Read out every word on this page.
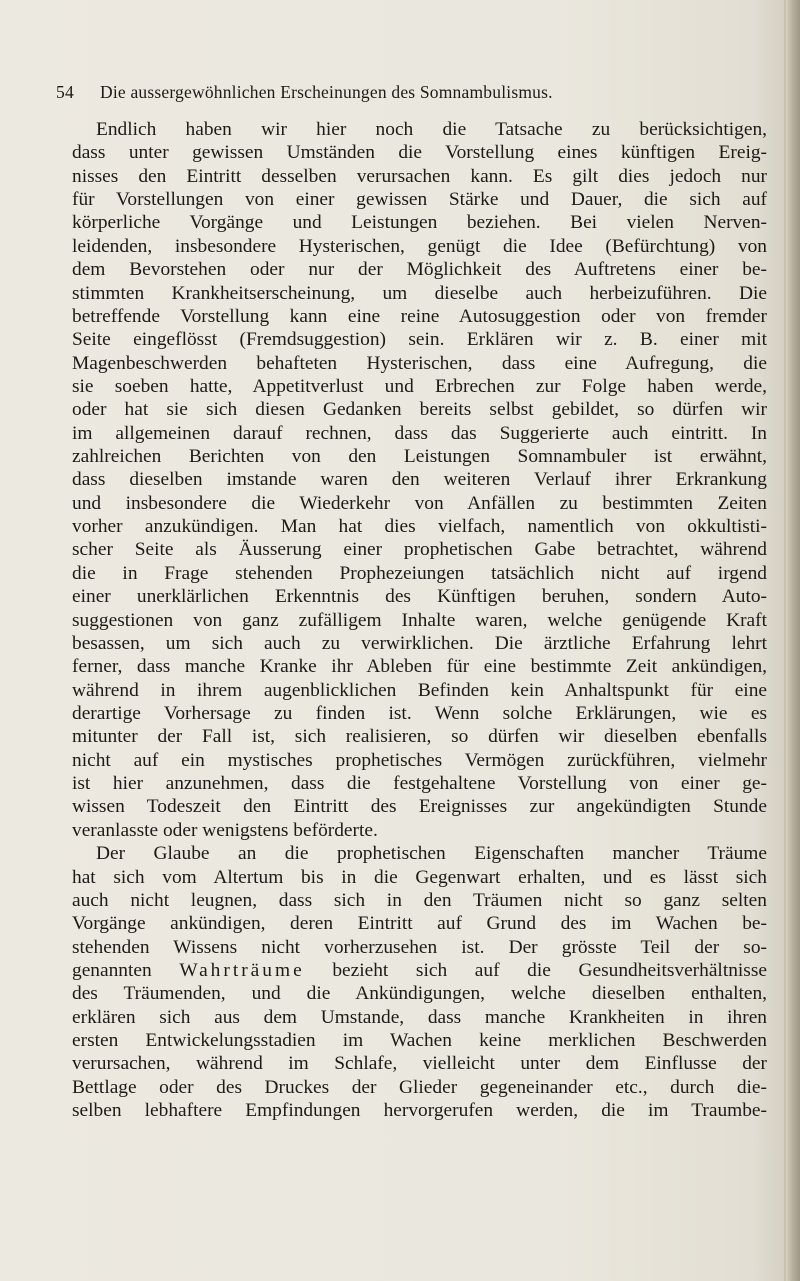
54 Die aussergewöhnlichen Erscheinungen des Somnambulismus.
Endlich haben wir hier noch die Tatsache zu berücksichtigen,
dass unter gewissen Umständen die Vorstellung eines künftigen Ereig-
nisses den Eintritt desselben verursachen kann. Es gilt dies jedoch nur
für Vorstellungen von einer gewissen Stärke und Dauer, die sich auf
körperliche Vorgänge und Leistungen beziehen. Bei vielen Nerven-
leidenden, insbesondere Hysterischen, genügt die Idee (Befürchtung) von
dem Bevorstehen oder nur der Möglichkeit des Auftretens einer be-
stimmten Krankheitserscheinung, um dieselbe auch herbeizuführen. Die
betreffende Vorstellung kann eine reine Autosuggestion oder von fremder
Seite eingeflösst (Fremdsuggestion) sein. Erklären wir z. B. einer mit
Magenbeschwerden behafteten Hysterischen, dass eine Aufregung, die
sie soeben hatte, Appetitverlust und Erbrechen zur Folge haben werde,
oder hat sie sich diesen Gedanken bereits selbst gebildet, so dürfen wir
im allgemeinen darauf rechnen, dass das Suggerierte auch eintritt. In
zahlreichen Berichten von den Leistungen Somnambuler ist erwähnt,
dass dieselben imstande waren den weiteren Verlauf ihrer Erkrankung
und insbesondere die Wiederkehr von Anfällen zu bestimmten Zeiten
vorher anzukündigen. Man hat dies vielfach, namentlich von okkultisti-
scher Seite als Äusserung einer prophetischen Gabe betrachtet, während
die in Frage stehenden Prophezeiungen tatsächlich nicht auf irgend
einer unerklärlichen Erkenntnis des Künftigen beruhen, sondern Auto-
suggestionen von ganz zufälligem Inhalte waren, welche genügende Kraft
besassen, um sich auch zu verwirklichen. Die ärztliche Erfahrung lehrt
ferner, dass manche Kranke ihr Ableben für eine bestimmte Zeit ankündigen,
während in ihrem augenblicklichen Befinden kein Anhaltspunkt für eine
derartige Vorhersage zu finden ist. Wenn solche Erklärungen, wie es
mitunter der Fall ist, sich realisieren, so dürfen wir dieselben ebenfalls
nicht auf ein mystisches prophetisches Vermögen zurückführen, vielmehr
ist hier anzunehmen, dass die festgehaltene Vorstellung von einer ge-
wissen Todeszeit den Eintritt des Ereignisses zur angekündigten Stunde
veranlasste oder wenigstens beförderte.
Der Glaube an die prophetischen Eigenschaften mancher Träume
hat sich vom Altertum bis in die Gegenwart erhalten, und es lässt sich
auch nicht leugnen, dass sich in den Träumen nicht so ganz selten
Vorgänge ankündigen, deren Eintritt auf Grund des im Wachen be-
stehenden Wissens nicht vorherzusehen ist. Der grösste Teil der so-
genannten Wahrträume bezieht sich auf die Gesundheitsverhältnisse
des Träumenden, und die Ankündigungen, welche dieselben enthalten,
erklären sich aus dem Umstande, dass manche Krankheiten in ihren
ersten Entwickelungsstadien im Wachen keine merklichen Beschwerden
verursachen, während im Schlafe, vielleicht unter dem Einflusse der
Bettlage oder des Druckes der Glieder gegeneinander etc., durch die-
selben lebhaftere Empfindungen hervorgerufen werden, die im Traumbe-
